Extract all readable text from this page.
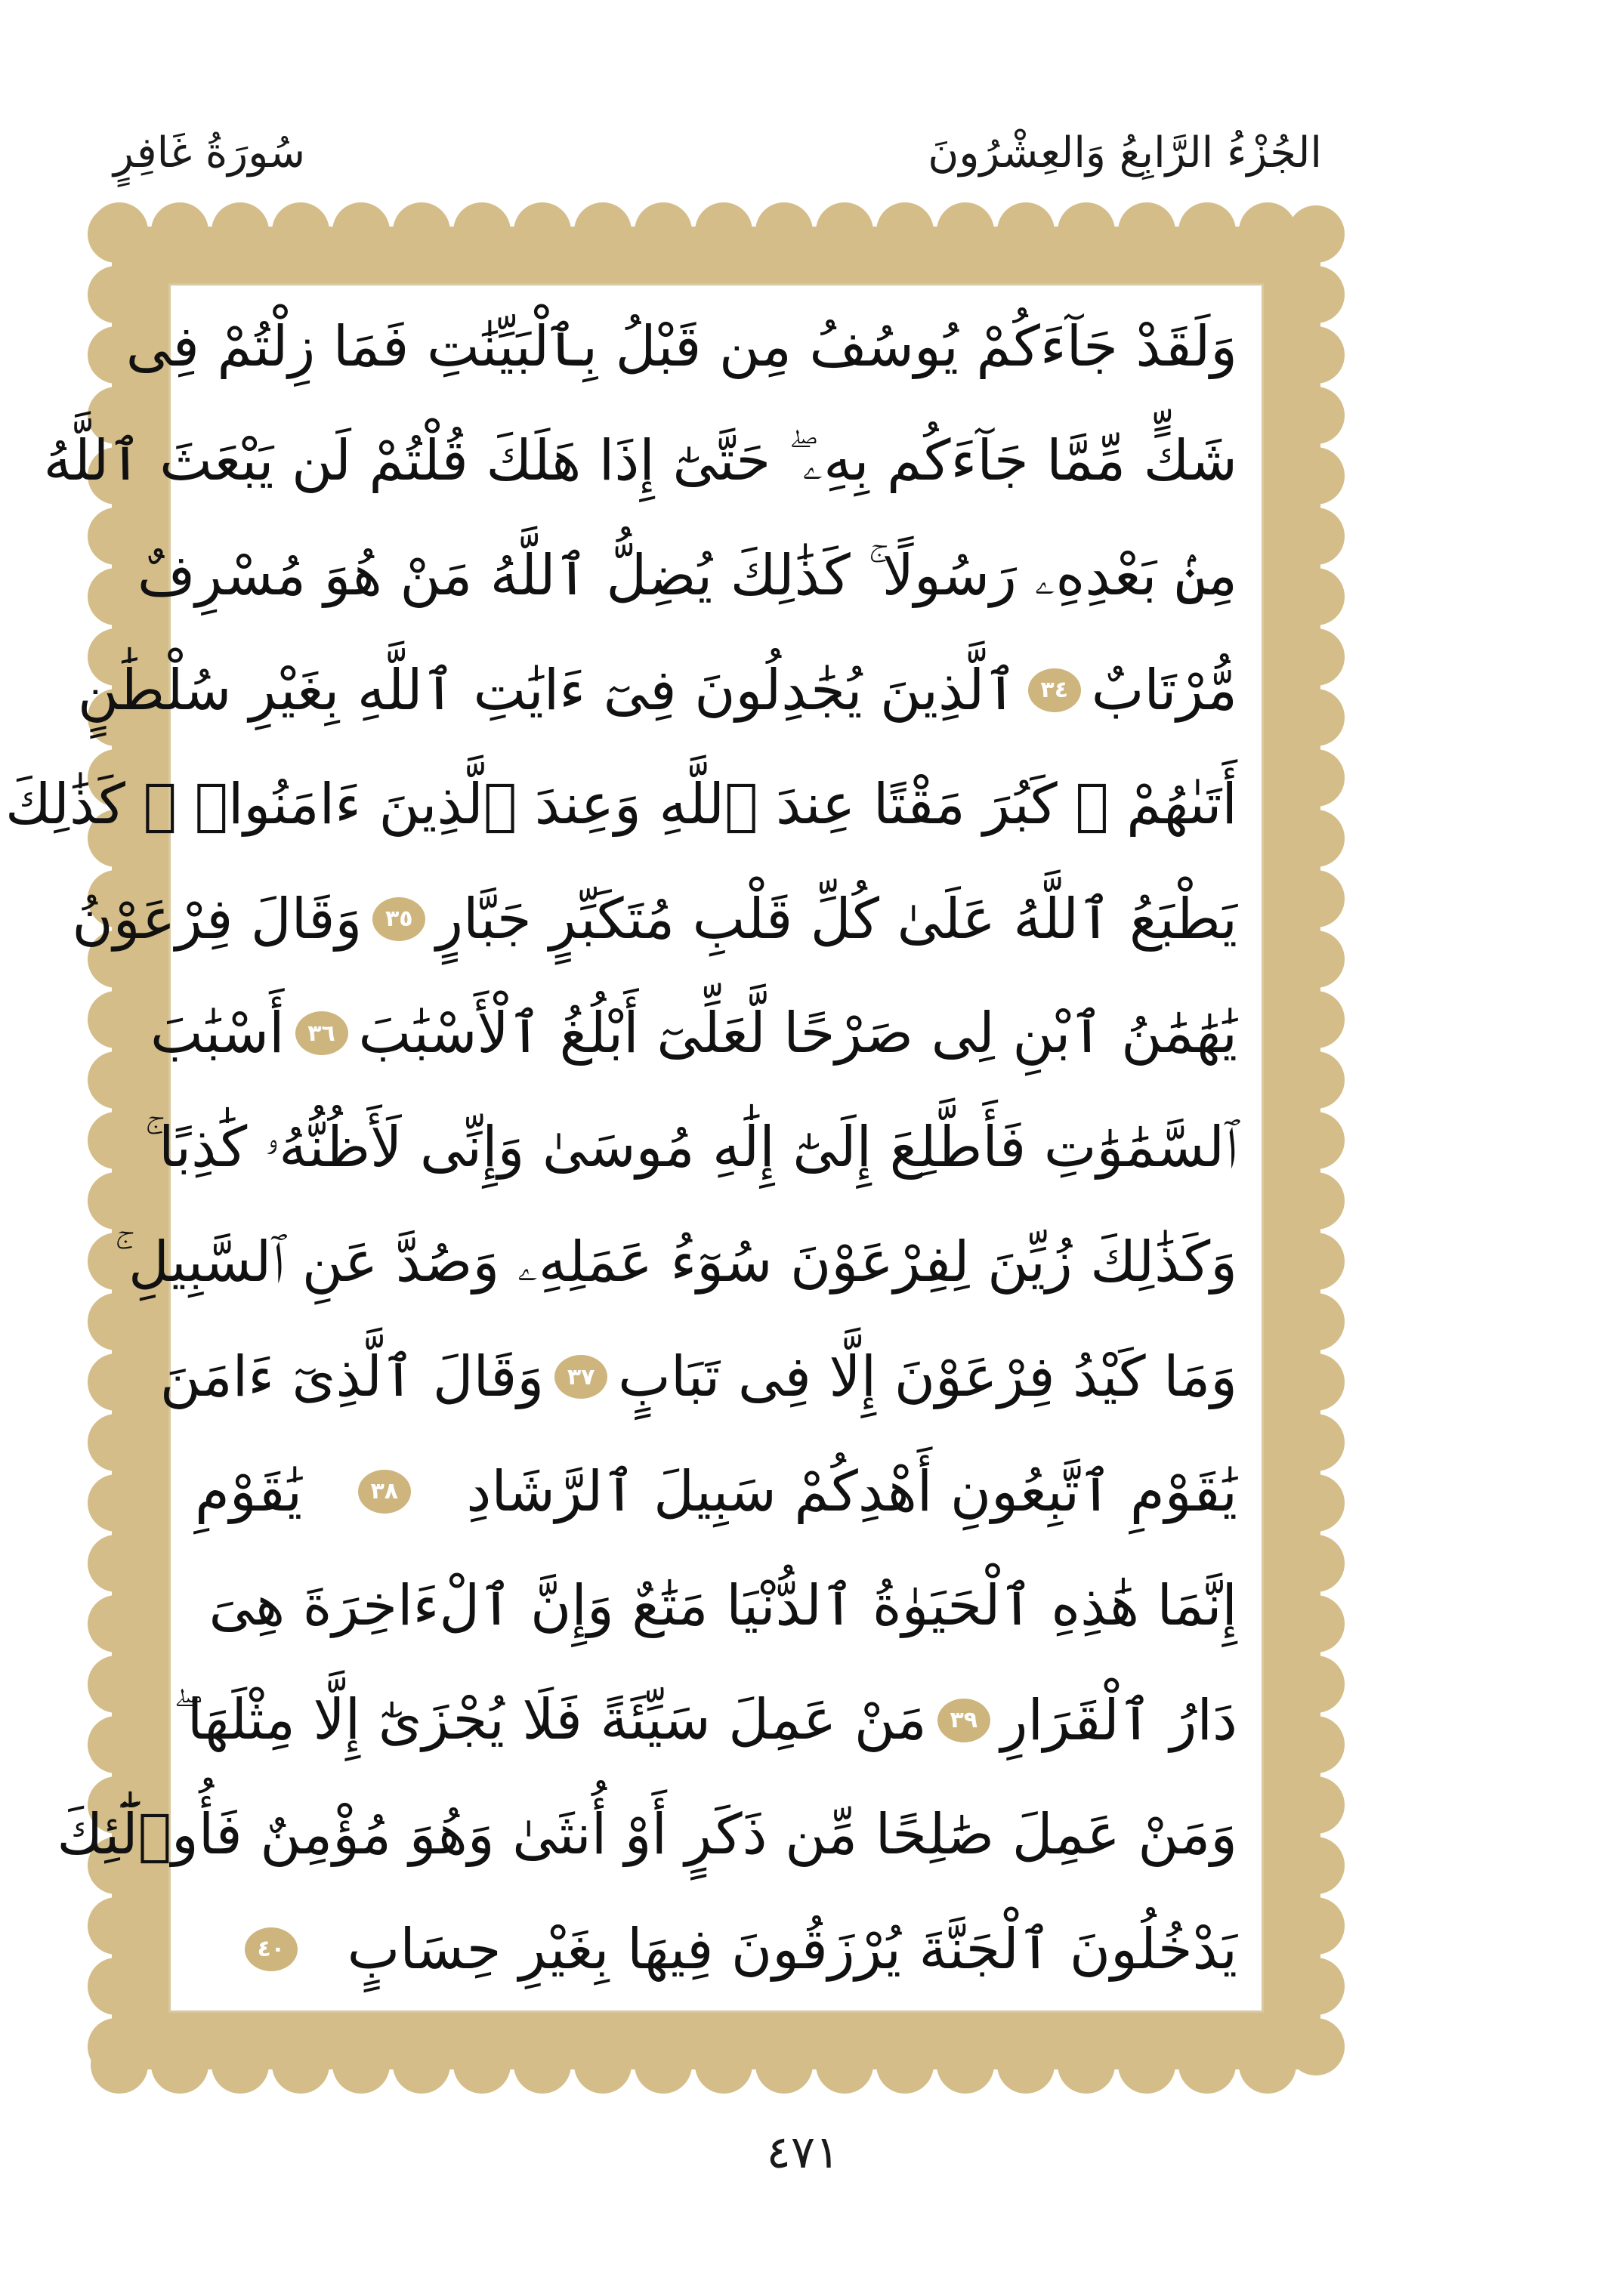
الجُزْءُ الرَّابِعُ وَالعِشْرُونَ
سُورَةُ غَافِرٍ
وَلَقَدْ جَآءَكُمْ يُوسُفُ مِن قَبْلُ بِٱلْبَيِّنَٰتِ فَمَا زِلْتُمْ فِى
شَكٍّ مِّمَّا جَآءَكُم بِهِۦ ۖ حَتَّىٰٓ إِذَا هَلَكَ قُلْتُمْ لَن يَبْعَثَ ٱللَّهُ
مِنۢ بَعْدِهِۦ رَسُولًا ۚ كَذَٰلِكَ يُضِلُّ ٱللَّهُ مَنْ هُوَ مُسْرِفٌ
مُّرْتَابٌ
٣٤
ٱلَّذِينَ يُجَٰدِلُونَ فِىٓ ءَايَٰتِ ٱللَّهِ بِغَيْرِ سُلْطَٰنٍ
أَتَىٰهُمْ ۖ كَبُرَ مَقْتًا عِندَ ٱللَّهِ وَعِندَ ٱلَّذِينَ ءَامَنُوا۟ ۚ كَذَٰلِكَ
يَطْبَعُ ٱللَّهُ عَلَىٰ كُلِّ قَلْبِ مُتَكَبِّرٍ جَبَّارٍ
٣٥
وَقَالَ فِرْعَوْنُ
يَٰهَٰمَٰنُ ٱبْنِ لِى صَرْحًا لَّعَلِّىٓ أَبْلُغُ ٱلْأَسْبَٰبَ
٣٦
أَسْبَٰبَ
ٱلسَّمَٰوَٰتِ فَأَطَّلِعَ إِلَىٰٓ إِلَٰهِ مُوسَىٰ وَإِنِّى لَأَظُنُّهُۥ كَٰذِبًا ۚ
وَكَذَٰلِكَ زُيِّنَ لِفِرْعَوْنَ سُوٓءُ عَمَلِهِۦ وَصُدَّ عَنِ ٱلسَّبِيلِ ۚ
وَمَا كَيْدُ فِرْعَوْنَ إِلَّا فِى تَبَابٍ
٣٧
وَقَالَ ٱلَّذِىٓ ءَامَنَ
يَٰقَوْمِ ٱتَّبِعُونِ أَهْدِكُمْ سَبِيلَ ٱلرَّشَادِ
٣٨
يَٰقَوْمِ
إِنَّمَا هَٰذِهِ ٱلْحَيَوٰةُ ٱلدُّنْيَا مَتَٰعٌ وَإِنَّ ٱلْءَاخِرَةَ هِىَ
دَارُ ٱلْقَرَارِ
٣٩
مَنْ عَمِلَ سَيِّئَةً فَلَا يُجْزَىٰٓ إِلَّا مِثْلَهَا ۖ
وَمَنْ عَمِلَ صَٰلِحًا مِّن ذَكَرٍ أَوْ أُنثَىٰ وَهُوَ مُؤْمِنٌ فَأُو۟لَٰٓئِكَ
يَدْخُلُونَ ٱلْجَنَّةَ يُرْزَقُونَ فِيهَا بِغَيْرِ حِسَابٍ
٤٠
٤٧١
